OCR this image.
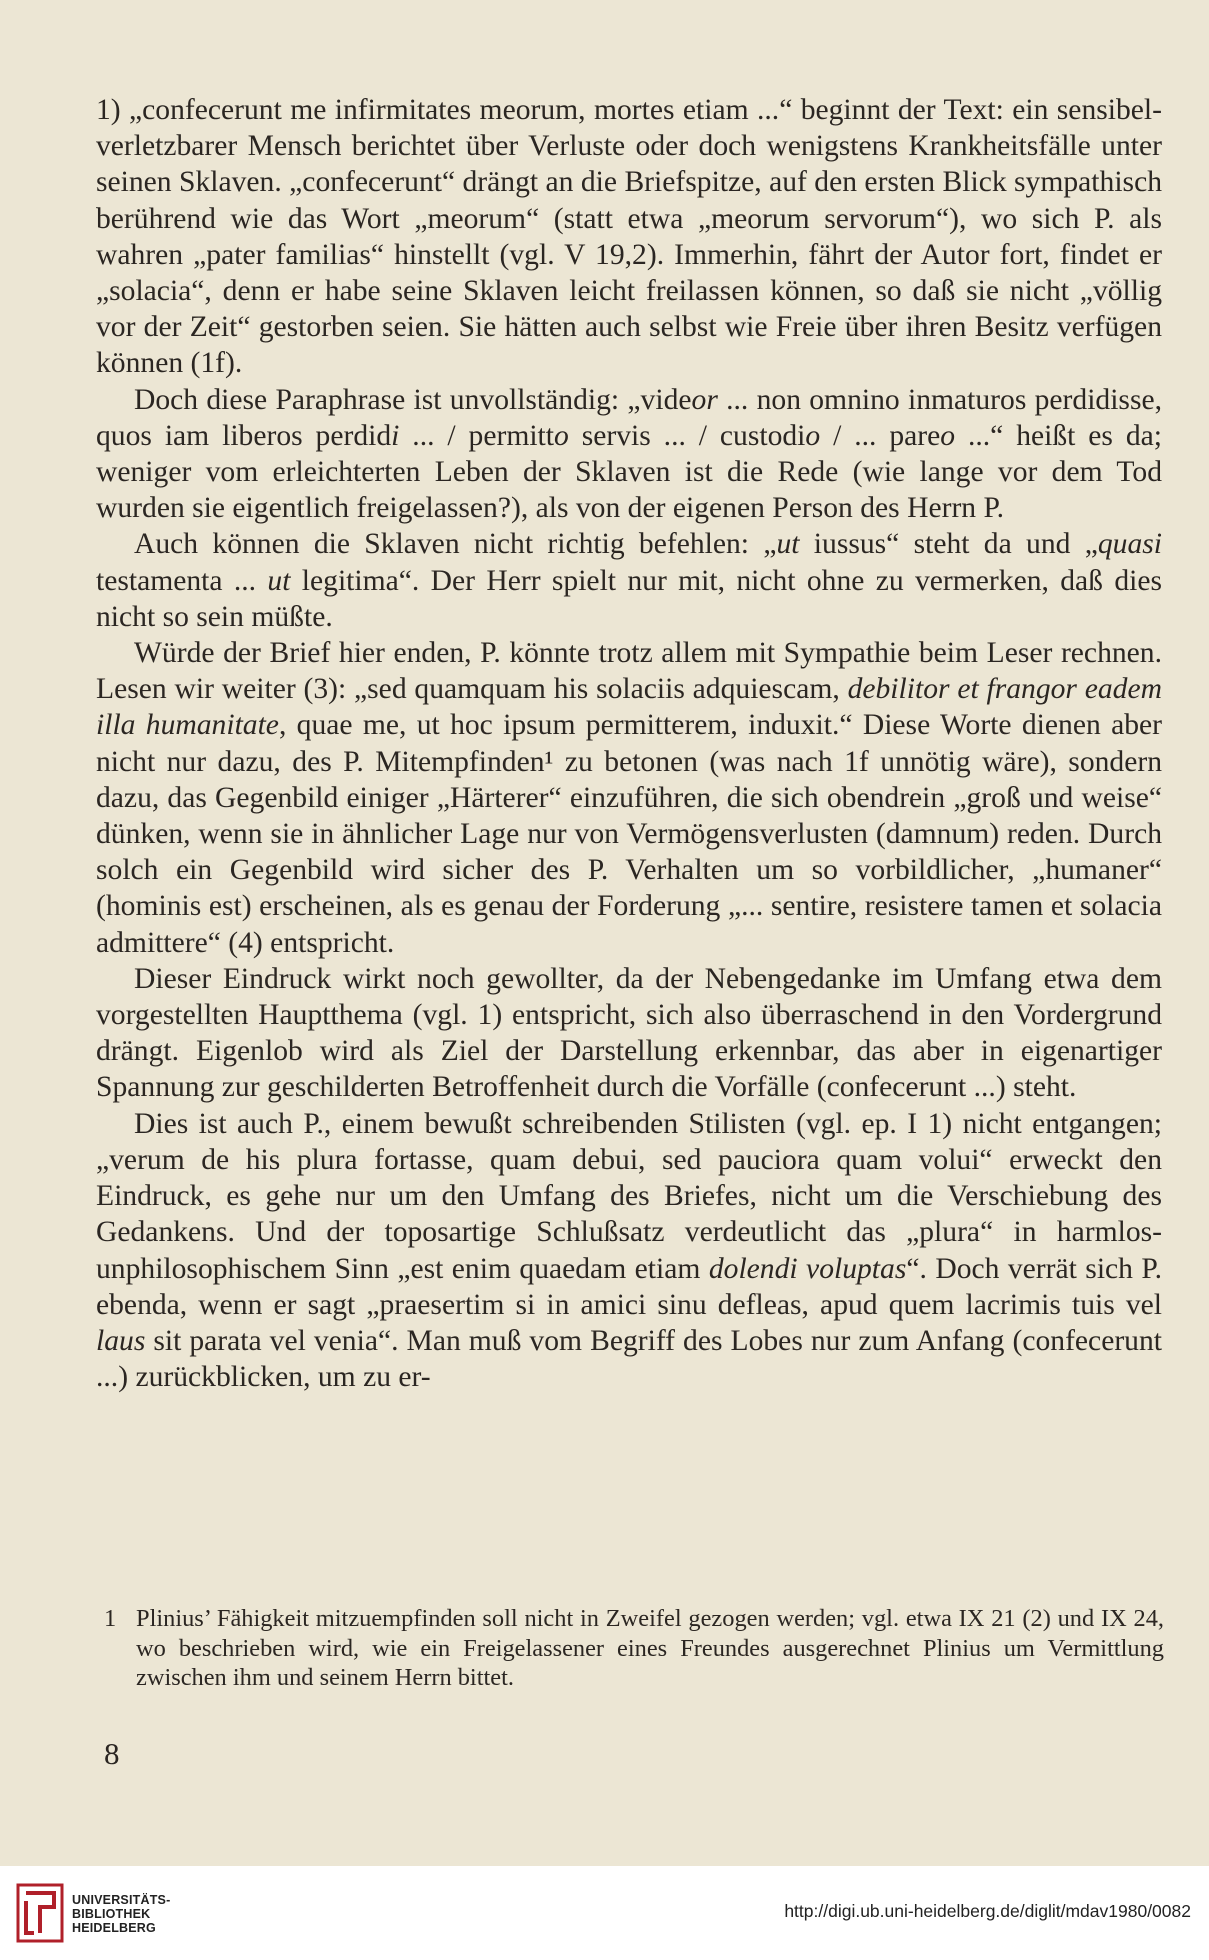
1) „confecerunt me infirmitates meorum, mortes etiam ...“ beginnt der Text: ein sensibel-verletzbarer Mensch berichtet über Verluste oder doch wenigstens Krankheitsfälle unter seinen Sklaven. „confecerunt“ drängt an die Briefspitze, auf den ersten Blick sympathisch berührend wie das Wort „meorum“ (statt etwa „meorum servorum“), wo sich P. als wahren „pater familias“ hinstellt (vgl. V 19,2). Immerhin, fährt der Autor fort, findet er „solacia“, denn er habe seine Sklaven leicht freilassen können, so daß sie nicht „völlig vor der Zeit“ gestorben seien. Sie hätten auch selbst wie Freie über ihren Besitz verfügen können (1f).

Doch diese Paraphrase ist unvollständig: „videor ... non omnino inmaturos perdidisse, quos iam liberos perdidi ... / permitto servis ... / custodio / ... pareo ...“ heißt es da; weniger vom erleichterten Leben der Sklaven ist die Rede (wie lange vor dem Tod wurden sie eigentlich freigelassen?), als von der eigenen Person des Herrn P.

Auch können die Sklaven nicht richtig befehlen: „ut iussus“ steht da und „quasi testamenta ... ut legitima“. Der Herr spielt nur mit, nicht ohne zu vermerken, daß dies nicht so sein müßte.

Würde der Brief hier enden, P. könnte trotz allem mit Sympathie beim Leser rechnen. Lesen wir weiter (3): „sed quamquam his solaciis adquiescam, debilitor et frangor eadem illa humanitate, quae me, ut hoc ipsum permitterem, induxit.“ Diese Worte dienen aber nicht nur dazu, des P. Mitempfinden¹ zu betonen (was nach 1f unnötig wäre), sondern dazu, das Gegenbild einiger „Härterer“ einzuführen, die sich obendrein „groß und weise“ dünken, wenn sie in ähnlicher Lage nur von Vermögensverlusten (damnum) reden. Durch solch ein Gegenbild wird sicher des P. Verhalten um so vorbildlicher, „humaner“ (hominis est) erscheinen, als es genau der Forderung „... sentire, resistere tamen et solacia admittere“ (4) entspricht.

Dieser Eindruck wirkt noch gewollter, da der Nebengedanke im Umfang etwa dem vorgestellten Hauptthema (vgl. 1) entspricht, sich also überraschend in den Vordergrund drängt. Eigenlob wird als Ziel der Darstellung erkennbar, das aber in eigenartiger Spannung zur geschilderten Betroffenheit durch die Vorfälle (confecerunt ...) steht.

Dies ist auch P., einem bewußt schreibenden Stilisten (vgl. ep. I 1) nicht entgangen; „verum de his plura fortasse, quam debui, sed pauciora quam volui“ erweckt den Eindruck, es gehe nur um den Umfang des Briefes, nicht um die Verschiebung des Gedankens. Und der toposartige Schlußsatz verdeutlicht das „plura“ in harmlos-unphilosophischem Sinn „est enim quaedam etiam dolendi voluptas“. Doch verrät sich P. ebenda, wenn er sagt „praesertim si in amici sinu defleas, apud quem lacrimis tuis vel laus sit parata vel venia“. Man muß vom Begriff des Lobes nur zum Anfang (confecerunt ...) zurückblicken, um zu er-

1 Plinius’ Fähigkeit mitzuempfinden soll nicht in Zweifel gezogen werden; vgl. etwa IX 21 (2) und IX 24, wo beschrieben wird, wie ein Freigelassener eines Freundes ausgerechnet Plinius um Vermittlung zwischen ihm und seinem Herrn bittet.
8
UNIVERSITÄTS-
BIBLIOTHEK
HEIDELBERG
http://digi.ub.uni-heidelberg.de/diglit/mdav1980/0082
